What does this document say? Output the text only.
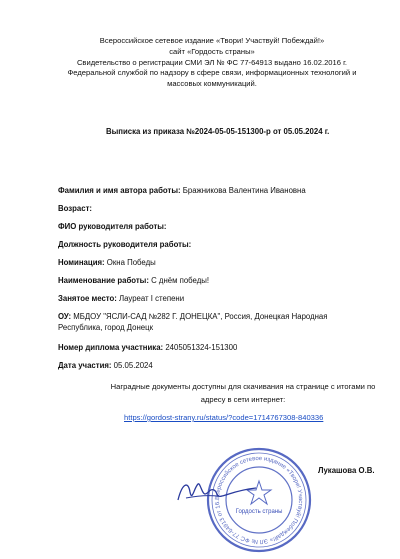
Всероссийское сетевое издание «Твори! Участвуй! Побеждай!»
сайт «Гордость страны»
Свидетельство о регистрации СМИ ЭЛ № ФС 77-64913 выдано 16.02.2016 г.
Федеральной службой по надзору в сфере связи, информационных технологий и массовых коммуникаций.
Выписка из приказа №2024-05-05-151300-р от 05.05.2024 г.
Фамилия и имя автора работы: Бражникова Валентина Ивановна
Возраст:
ФИО руководителя работы:
Должность руководителя работы:
Номинация: Окна Победы
Наименование работы: С днём победы!
Занятое место: Лауреат I степени
ОУ: МБДОУ "ЯСЛИ-САД №282 Г. ДОНЕЦКА", Россия, Донецкая Народная Республика, город Донецк
Номер диплома участника: 2405051324-151300
Дата участия: 05.05.2024
Наградные документы доступны для скачивания на странице с итогами по адресу в сети интернет:
https://gordost-strany.ru/status/?code=1714767308-840336
Всероссийское сетевое издание «Твори! Участвуй! Побеждай!» ЭЛ № ФС 77-64913 от 16.
Гордость страны
Лукашова О.В.
